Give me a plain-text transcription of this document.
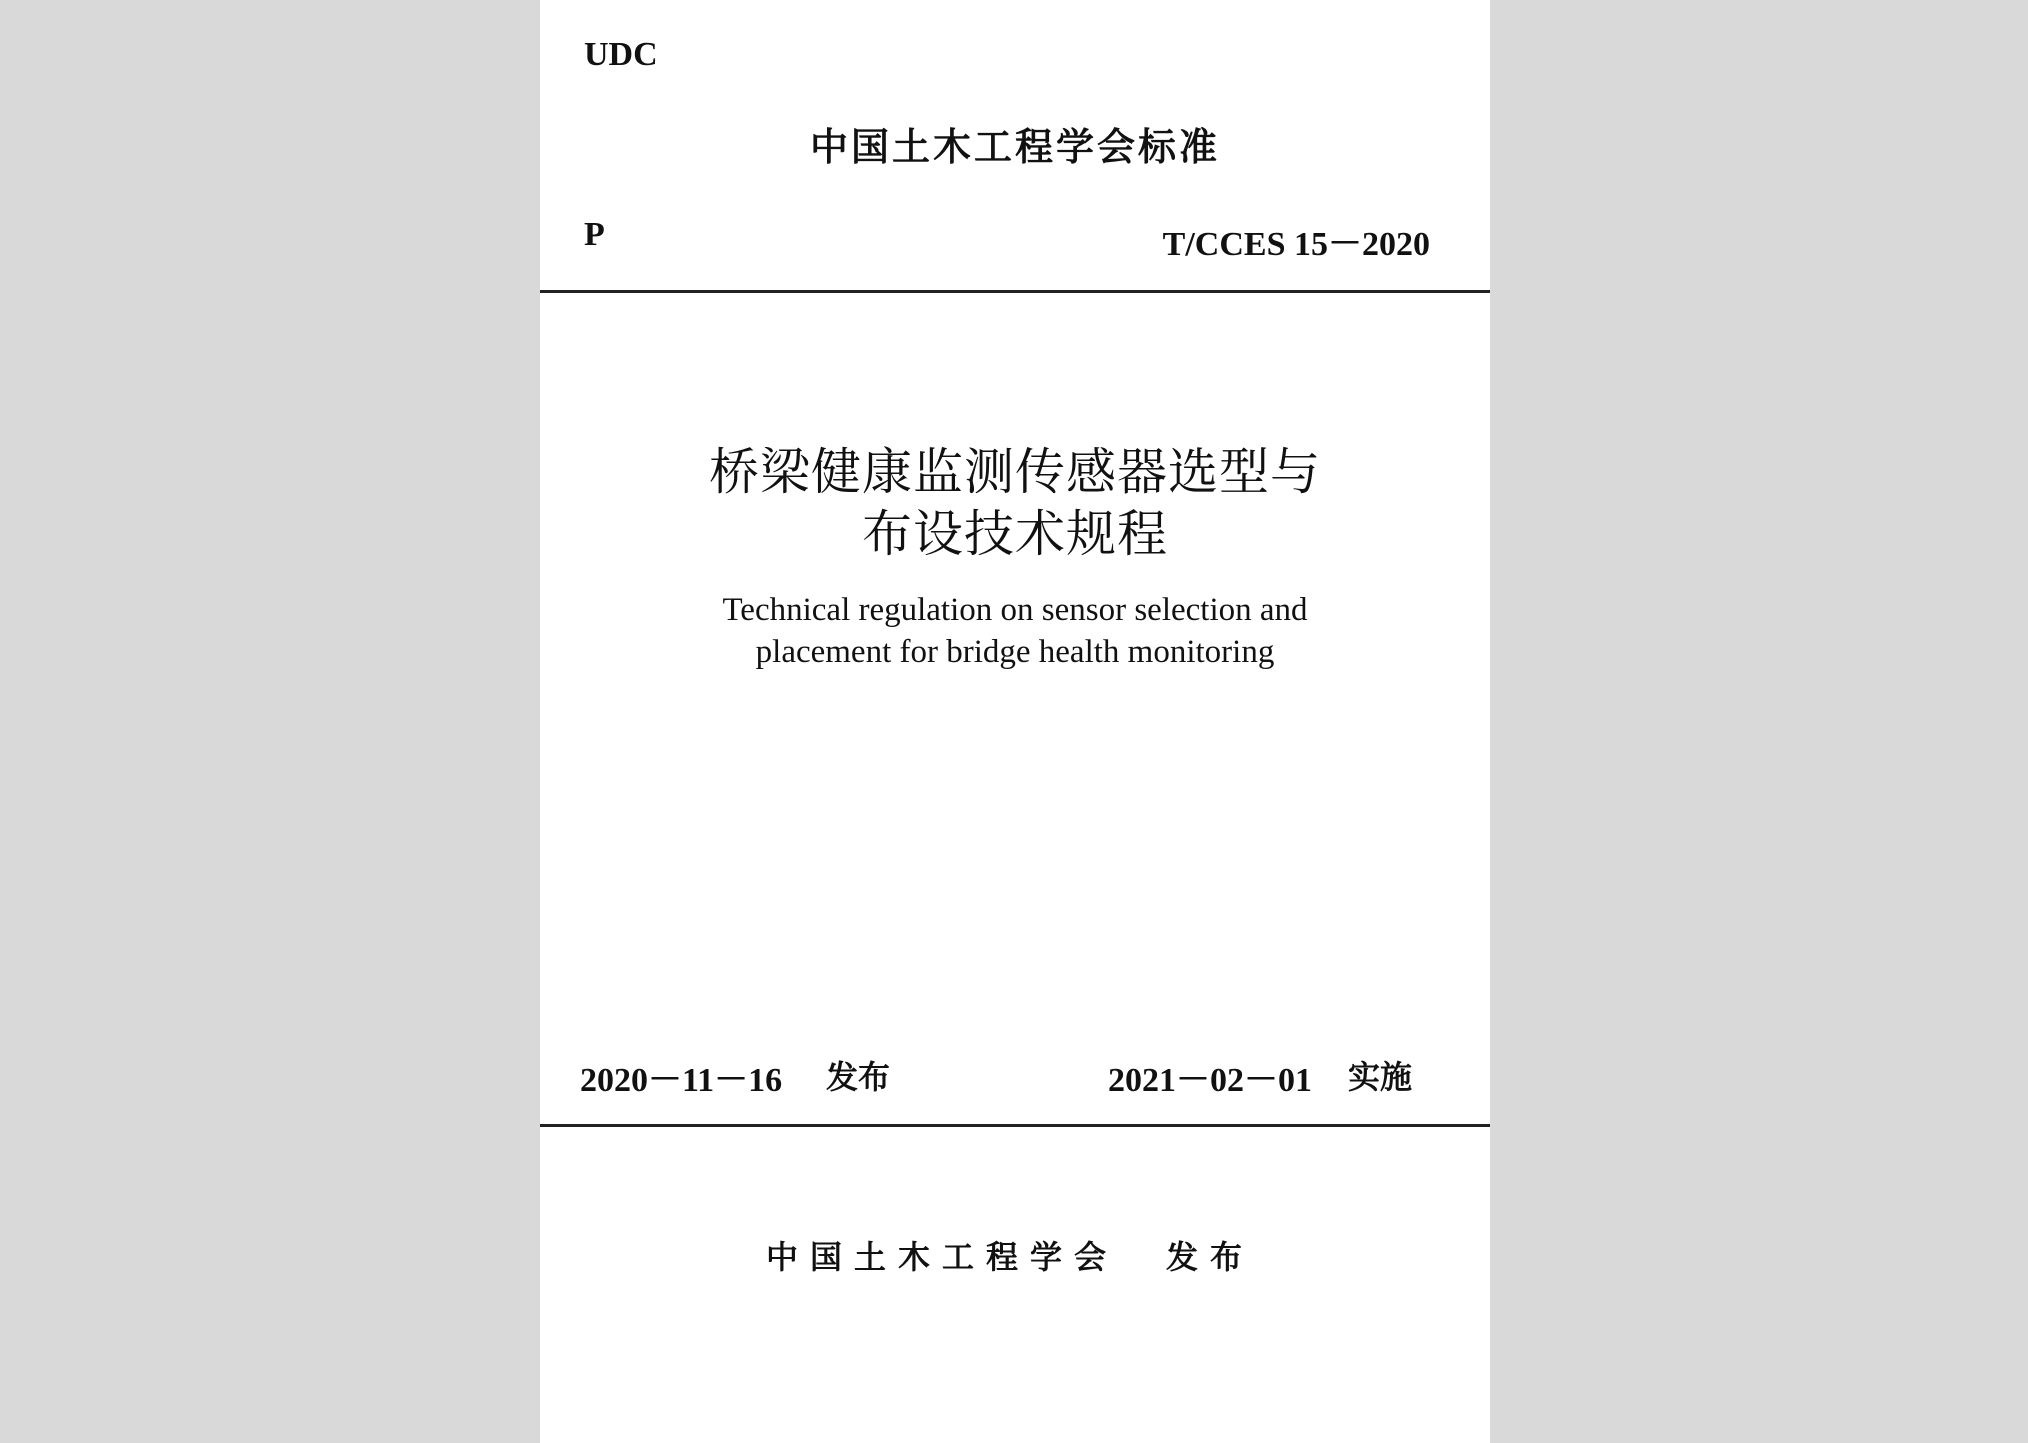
UDC
中国土木工程学会标准
P	T/CCES 15－2020
桥梁健康监测传感器选型与
布设技术规程
Technical regulation on sensor selection and
placement for bridge health monitoring
2020－11－16 发布	2021－02－01 实施
中国土木工程学会 发布
